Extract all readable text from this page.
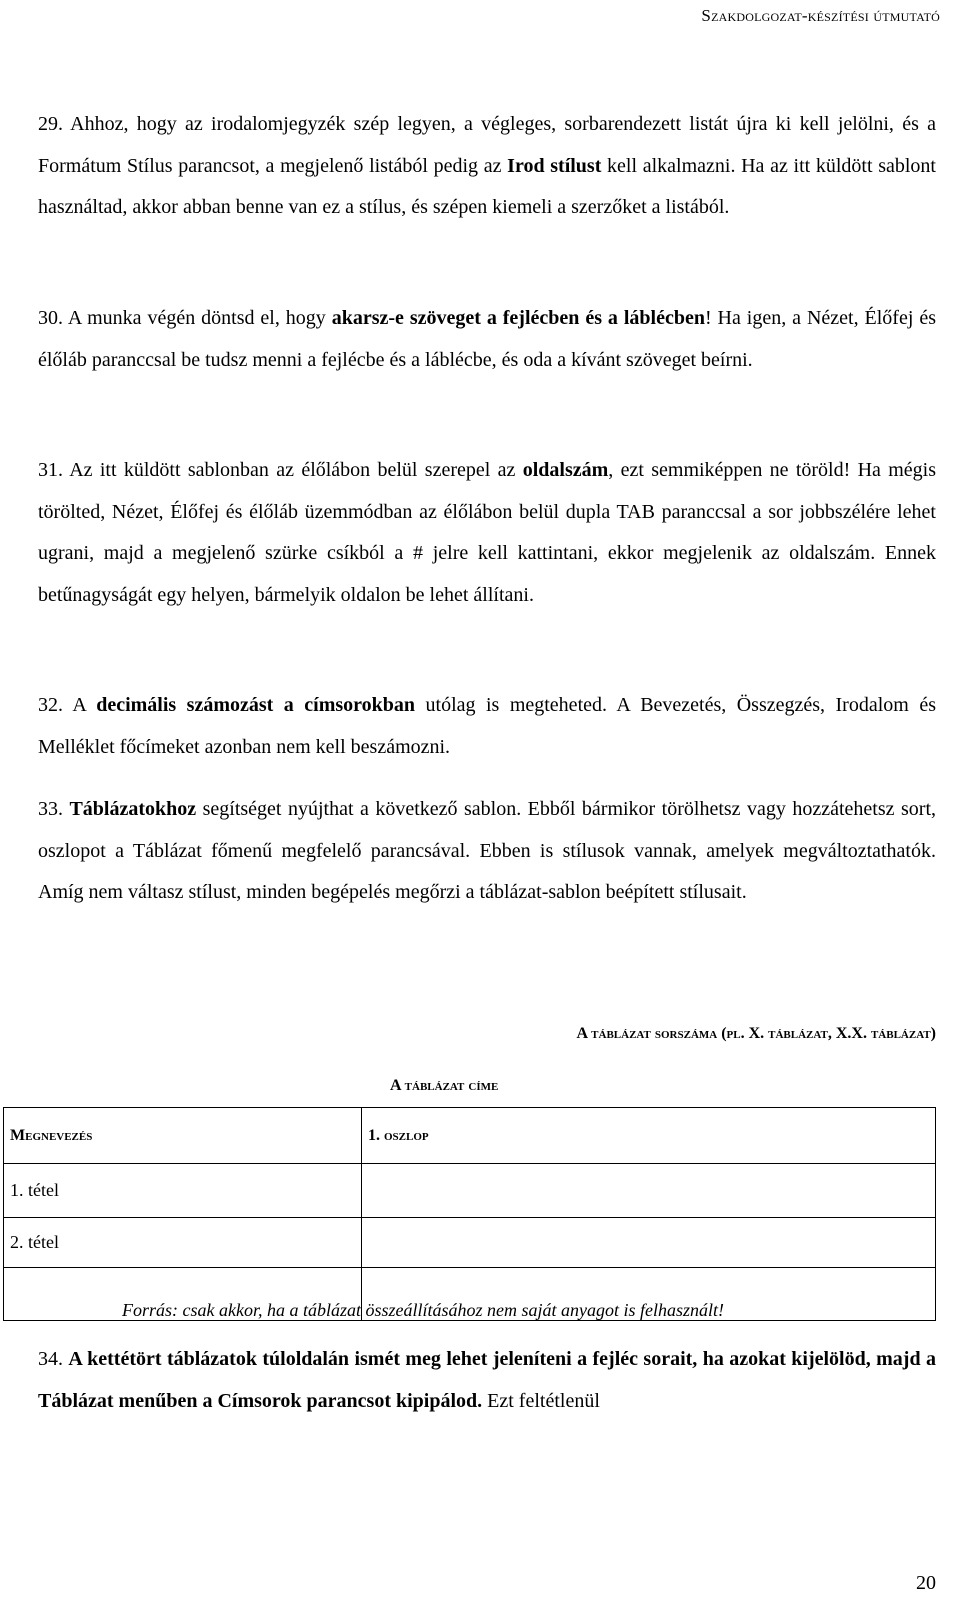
Szakdolgozat-készítési útmutató
29. Ahhoz, hogy az irodalomjegyzék szép legyen, a végleges, sorbarendezett listát újra ki kell jelölni, és a Formátum Stílus parancsot, a megjelenő listából pedig az Irod stílust kell alkalmazni. Ha az itt küldött sablont használtad, akkor abban benne van ez a stílus, és szépen kiemeli a szerzőket a listából.
30. A munka végén döntsd el, hogy akarsz-e szöveget a fejlécben és a láblécben! Ha igen, a Nézet, Élőfej és élőláb paranccsal be tudsz menni a fejlécbe és a láblécbe, és oda a kívánt szöveget beírni.
31. Az itt küldött sablonban az élőlábon belül szerepel az oldalszám, ezt semmiképpen ne töröld! Ha mégis törölted, Nézet, Élőfej és élőláb üzemmódban az élőlábon belül dupla TAB paranccsal a sor jobbszélére lehet ugrani, majd a megjelenő szürke csíkból a # jelre kell kattintani, ekkor megjelenik az oldalszám. Ennek betűnagyságát egy helyen, bármelyik oldalon be lehet állítani.
32. A decimális számozást a címsorokban utólag is megteheted. A Bevezetés, Összegzés, Irodalom és Melléklet főcímeket azonban nem kell beszámozni.
33. Táblázatokhoz segítséget nyújthat a következő sablon. Ebből bármikor törölhetsz vagy hozzátehetsz sort, oszlopot a Táblázat főmenű megfelelő parancsával. Ebben is stílusok vannak, amelyek megváltoztathatók. Amíg nem váltasz stílust, minden begépelés megőrzi a táblázat-sablon beépített stílusait.
A táblázat sorszáma (pl. X. táblázat, X.X. táblázat)
A táblázat címe
Megnevezés	1. oszlop
1. tétel	
2. tétel	

Forrás: csak akkor, ha a táblázat összeállításához nem saját anyagot is felhasznált!
34. A kettétört táblázatok túloldalán ismét meg lehet jeleníteni a fejléc sorait, ha azokat kijelölöd, majd a Táblázat menűben a Címsorok parancsot kipipálod. Ezt feltétlenül
20
